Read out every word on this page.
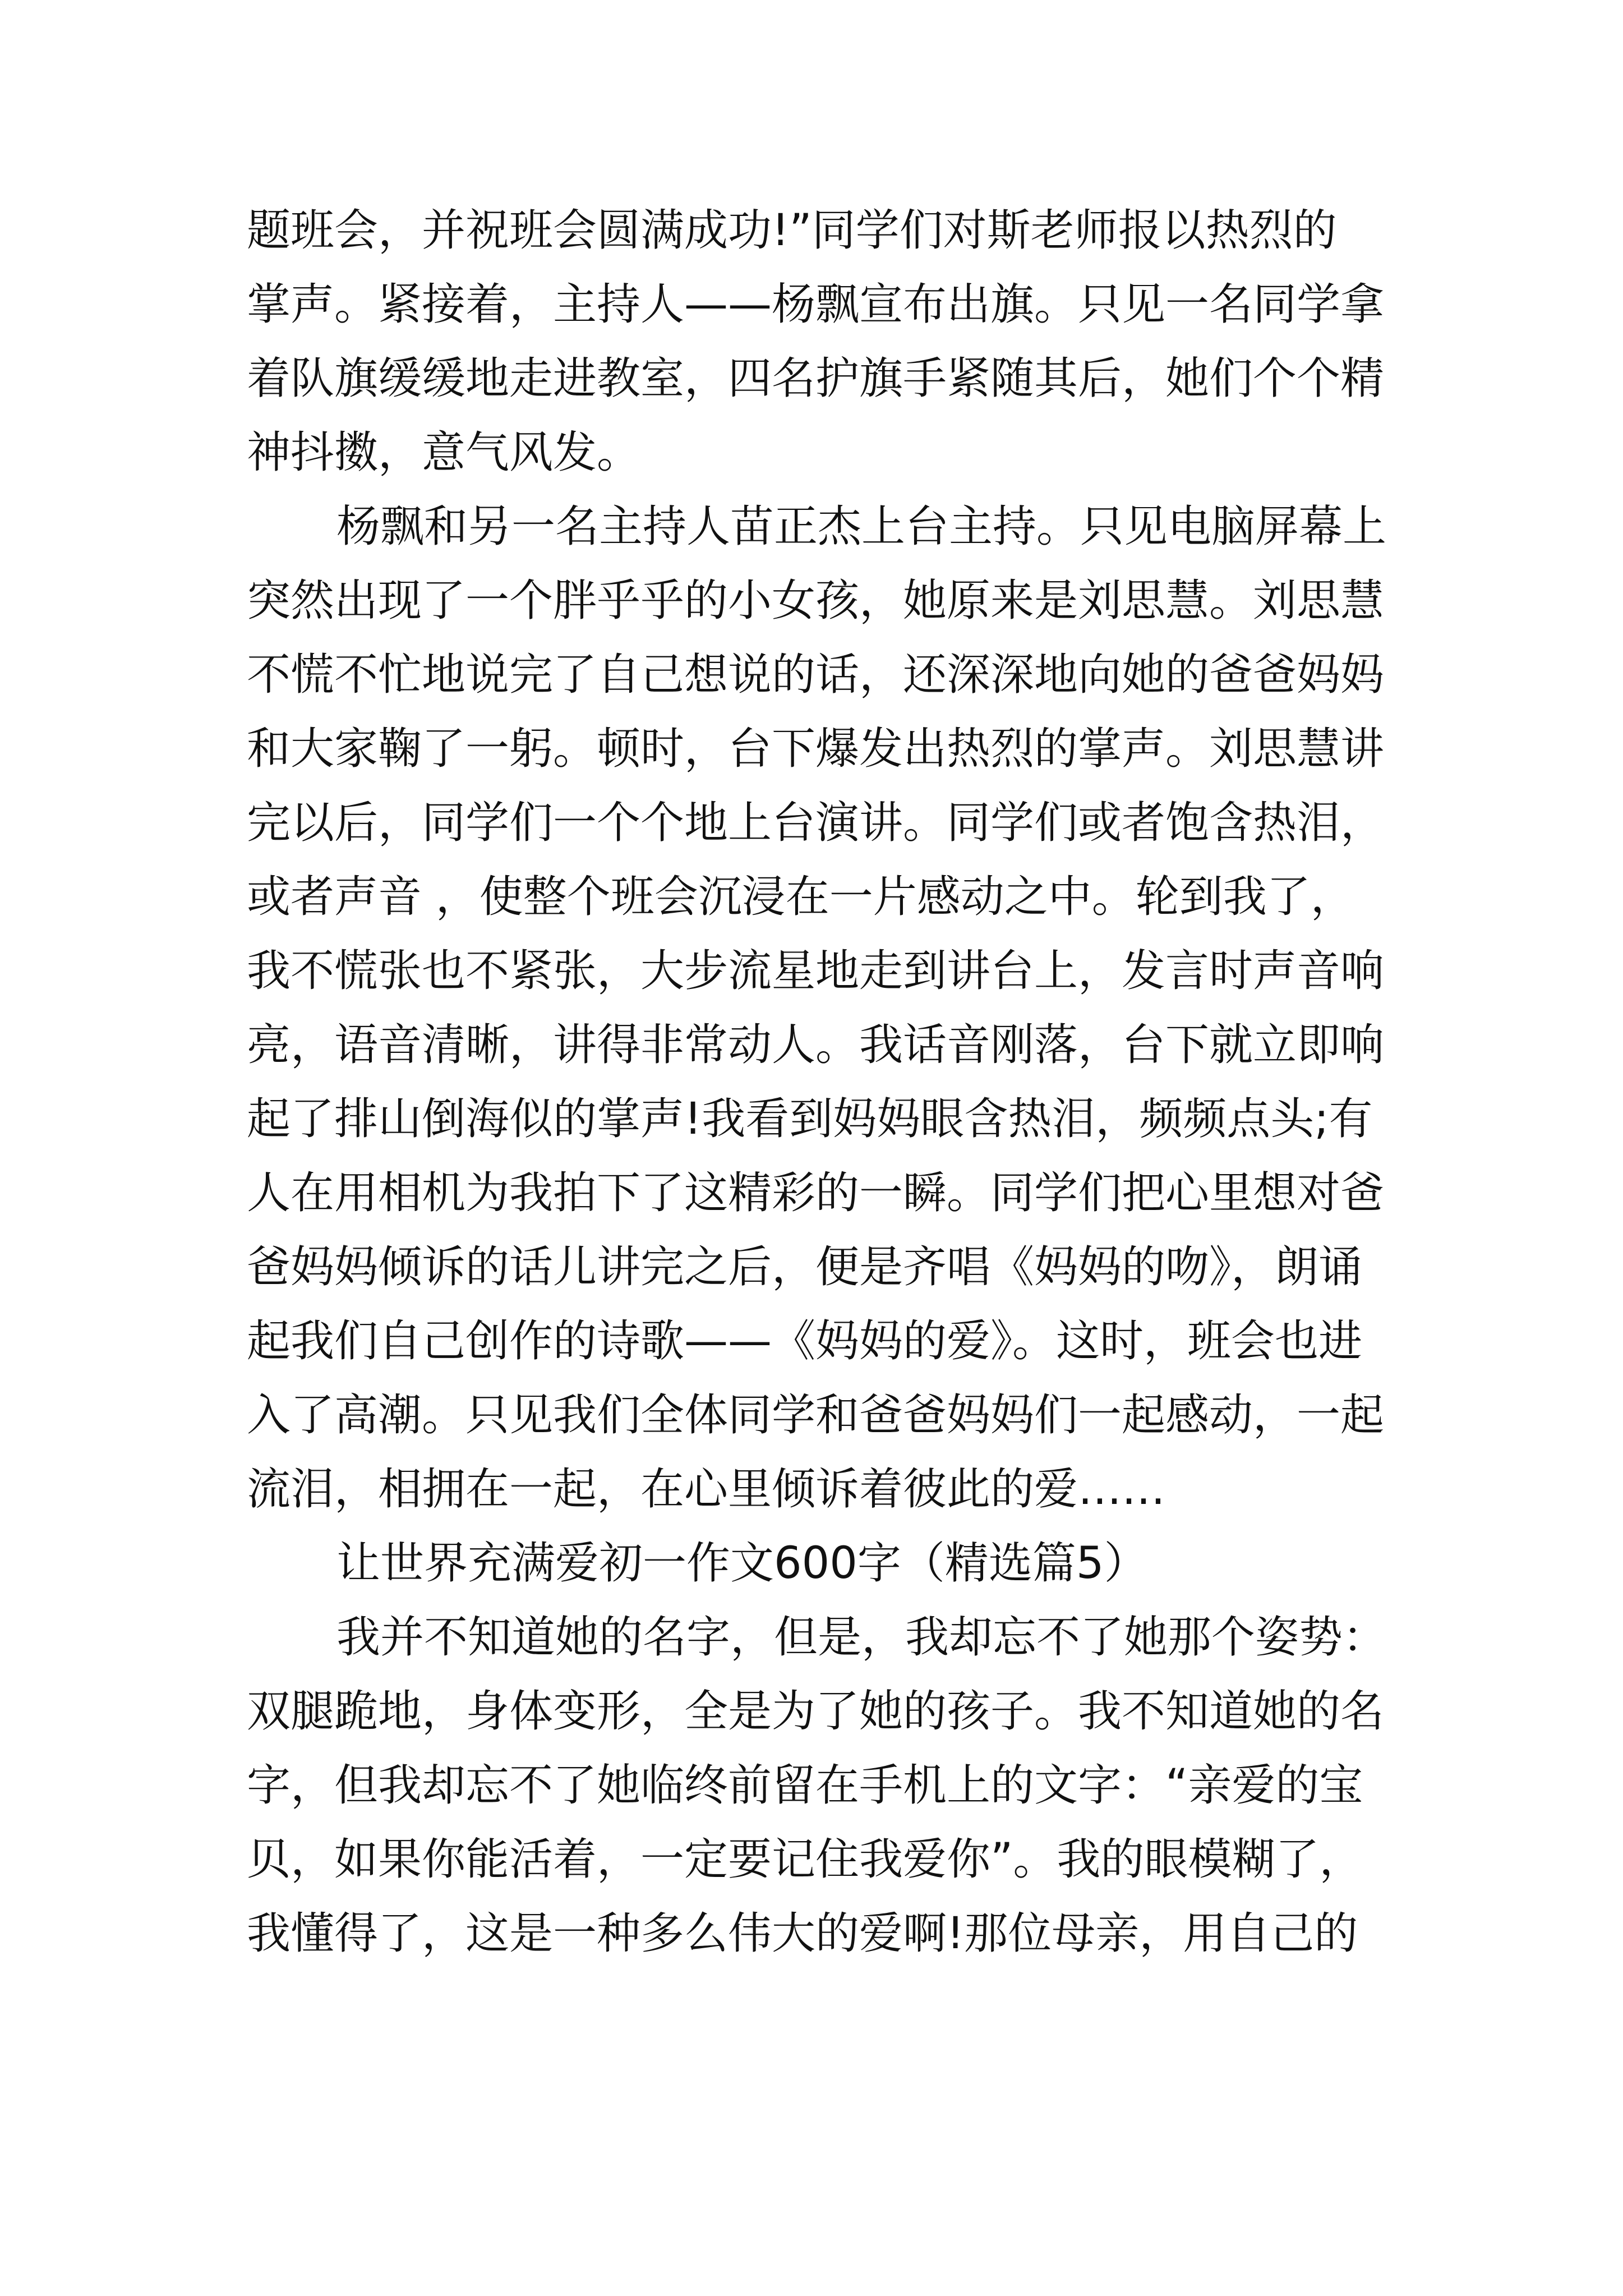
题班会，并祝班会圆满成功!”同学们对斯老师报以热烈的
掌声。紧接着，主持人——杨飘宣布出旗。只见一名同学拿
着队旗缓缓地走进教室，四名护旗手紧随其后，她们个个精
神抖擞，意气风发。
杨飘和另一名主持人苗正杰上台主持。只见电脑屏幕上
突然出现了一个胖乎乎的小女孩，她原来是刘思慧。刘思慧
不慌不忙地说完了自己想说的话，还深深地向她的爸爸妈妈
和大家鞠了一躬。顿时，台下爆发出热烈的掌声。刘思慧讲
完以后，同学们一个个地上台演讲。同学们或者饱含热泪，
或者声音 ，使整个班会沉浸在一片感动之中。轮到我了，
我不慌张也不紧张，大步流星地走到讲台上，发言时声音响
亮，语音清晰，讲得非常动人。我话音刚落，台下就立即响
起了排山倒海似的掌声!我看到妈妈眼含热泪，频频点头;有
人在用相机为我拍下了这精彩的一瞬。同学们把心里想对爸
爸妈妈倾诉的话儿讲完之后，便是齐唱《妈妈的吻》，朗诵
起我们自己创作的诗歌——《妈妈的爱》。这时，班会也进
入了高潮。只见我们全体同学和爸爸妈妈们一起感动，一起
流泪，相拥在一起，在心里倾诉着彼此的爱……
让世界充满爱初一作文600字（精选篇5）
我并不知道她的名字，但是，我却忘不了她那个姿势：
双腿跪地，身体变形，全是为了她的孩子。我不知道她的名
字，但我却忘不了她临终前留在手机上的文字：“亲爱的宝
贝，如果你能活着，一定要记住我爱你”。我的眼模糊了，
我懂得了，这是一种多么伟大的爱啊!那位母亲，用自己的
